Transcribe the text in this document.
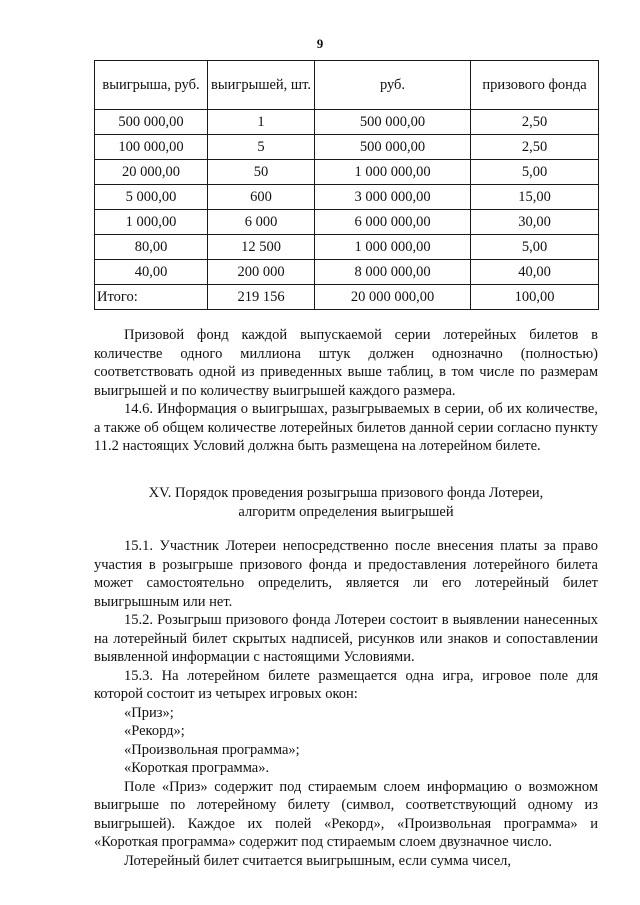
9
выигрыша, руб.	выигрышей, шт.	руб.	призового фонда
500 000,00	1	500 000,00	2,50
100 000,00	5	500 000,00	2,50
20 000,00	50	1 000 000,00	5,00
5 000,00	600	3 000 000,00	15,00
1 000,00	6 000	6 000 000,00	30,00
80,00	12 500	1 000 000,00	5,00
40,00	200 000	8 000 000,00	40,00
Итого:	219 156	20 000 000,00	100,00

Призовой фонд каждой выпускаемой серии лотерейных билетов в количестве одного миллиона штук должен однозначно (полностью) соответствовать одной из приведенных выше таблиц, в том числе по размерам выигрышей и по количеству выигрышей каждого размера.

14.6. Информация о выигрышах, разыгрываемых в серии, об их количестве, а также об общем количестве лотерейных билетов данной серии согласно пункту 11.2 настоящих Условий должна быть размещена на лотерейном билете.

XV. Порядок проведения розыгрыша призового фонда Лотереи,

алгоритм определения выигрышей

15.1. Участник Лотереи непосредственно после внесения платы за право участия в розыгрыше призового фонда и предоставления лотерейного билета может самостоятельно определить, является ли его лотерейный билет выигрышным или нет.

15.2. Розыгрыш призового фонда Лотереи состоит в выявлении нанесенных на лотерейный билет скрытых надписей, рисунков или знаков и сопоставлении выявленной информации с настоящими Условиями.

15.3. На лотерейном билете размещается одна игра, игровое поле для которой состоит из четырех игровых окон:

«Приз»;

«Рекорд»;

«Произвольная программа»;

«Короткая программа».

Поле «Приз» содержит под стираемым слоем информацию о возможном выигрыше по лотерейному билету (символ, соответствующий одному из выигрышей). Каждое их полей «Рекорд», «Произвольная программа» и «Короткая программа» содержит под стираемым слоем двузначное число.

Лотерейный билет считается выигрышным, если сумма чисел,
